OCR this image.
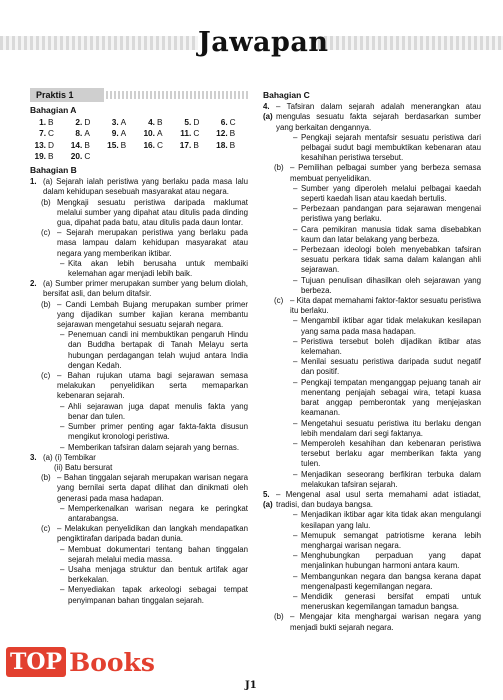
Jawapan
Praktis 1
Bahagian A
1. B	2. D	3. A	4. B	5. D	6. C
7. C	8. A	9. A	10. A	11. C	12. B
13. D	14. B	15. B	16. C	17. B	18. B
19. B	20. C
Bahagian B
1. (a) Sejarah ialah peristiwa yang berlaku pada masa lalu dalam kehidupan sesebuah masyarakat atau negara.
(b) Mengkaji sesuatu peristiwa daripada maklumat melalui sumber yang dipahat atau ditulis pada dinding gua, dipahat pada batu, atau ditulis pada daun lontar.
(c) – Sejarah merupakan peristiwa yang berlaku pada masa lampau dalam kehidupan masyarakat atau negara yang memberikan iktibar.
– Kita akan lebih berusaha untuk membaiki kelemahan agar menjadi lebih baik.
2. (a) Sumber primer merupakan sumber yang belum diolah, bersifat asli, dan belum ditafsir.
(b) – Candi Lembah Bujang merupakan sumber primer yang dijadikan sumber kajian kerana membantu sejarawan mengetahui sesuatu sejarah negara.
– Penemuan candi ini membuktikan pengaruh Hindu dan Buddha bertapak di Tanah Melayu serta hubungan perdagangan telah wujud antara India dengan Kedah.
(c) – Bahan rujukan utama bagi sejarawan semasa melakukan penyelidikan serta memaparkan kebenaran sejarah.
– Ahli sejarawan juga dapat menulis fakta yang benar dan tulen.
– Sumber primer penting agar fakta-fakta disusun mengikut kronologi peristiwa.
– Memberikan tafsiran dalam sejarah yang bernas.
3. (a) (i) Tembikar
(ii) Batu bersurat
(b) – Bahan tinggalan sejarah merupakan warisan negara yang bernilai serta dapat dilihat dan dinikmati oleh generasi pada masa hadapan.
– Memperkenalkan warisan negara ke peringkat antarabangsa.
(c) – Melakukan penyelidikan dan langkah mendapatkan pengiktirafan daripada badan dunia.
– Membuat dokumentari tentang bahan tinggalan sejarah melalui media massa.
– Usaha menjaga struktur dan bentuk artifak agar berkekalan.
– Menyediakan tapak arkeologi sebagai tempat penyimpanan bahan tinggalan sejarah.
Bahagian C
4. (a)
– Tafsiran dalam sejarah adalah menerangkan atau mengulas sesuatu fakta sejarah berdasarkan sumber yang berkaitan dengannya.
– Pengkaji sejarah mentafsir sesuatu peristiwa dari pelbagai sudut bagi membuktikan kebenaran atau kesahihan peristiwa tersebut.
(b) – Pemilihan pelbagai sumber yang berbeza semasa membuat penyelidikan.
– Sumber yang diperoleh melalui pelbagai kaedah seperti kaedah lisan atau kaedah bertulis.
– Perbezaan pandangan para sejarawan mengenai peristiwa yang berlaku.
– Cara pemikiran manusia tidak sama disebabkan kaum dan latar belakang yang berbeza.
– Perbezaan ideologi boleh menyebabkan tafsiran sesuatu perkara tidak sama dalam kalangan ahli sejarawan.
– Tujuan penulisan dihasilkan oleh sejarawan yang berbeza.
(c) – Kita dapat memahami faktor-faktor sesuatu peristiwa itu berlaku.
– Mengambil iktibar agar tidak melakukan kesilapan yang sama pada masa hadapan.
– Peristiwa tersebut boleh dijadikan iktibar atas kelemahan.
– Menilai sesuatu peristiwa daripada sudut negatif dan positif.
– Pengkaji tempatan menganggap pejuang tanah air menentang penjajah sebagai wira, tetapi kuasa barat anggap pemberontak yang menjejaskan keamanan.
– Mengetahui sesuatu peristiwa itu berlaku dengan lebih mendalam dari segi faktanya.
– Memperoleh kesahihan dan kebenaran peristiwa tersebut berlaku agar memberikan fakta yang tulen.
– Menjadikan seseorang berfikiran terbuka dalam melakukan tafsiran sejarah.
5. (a)
– Mengenal asal usul serta memahami adat istiadat, tradisi, dan budaya bangsa.
– Menjadikan iktibar agar kita tidak akan mengulangi kesilapan yang lalu.
– Memupuk semangat patriotisme kerana lebih menghargai warisan negara.
– Menghubungkan perpaduan yang dapat menjalinkan hubungan harmoni antara kaum.
– Membangunkan negara dan bangsa kerana dapat mengenalpasti kegemilangan negara.
– Mendidik generasi bersifat empati untuk meneruskan kegemilangan tamadun bangsa.
(b) – Mengajar kita menghargai warisan negara yang menjadi bukti sejarah negara.
TOP Books
J1
